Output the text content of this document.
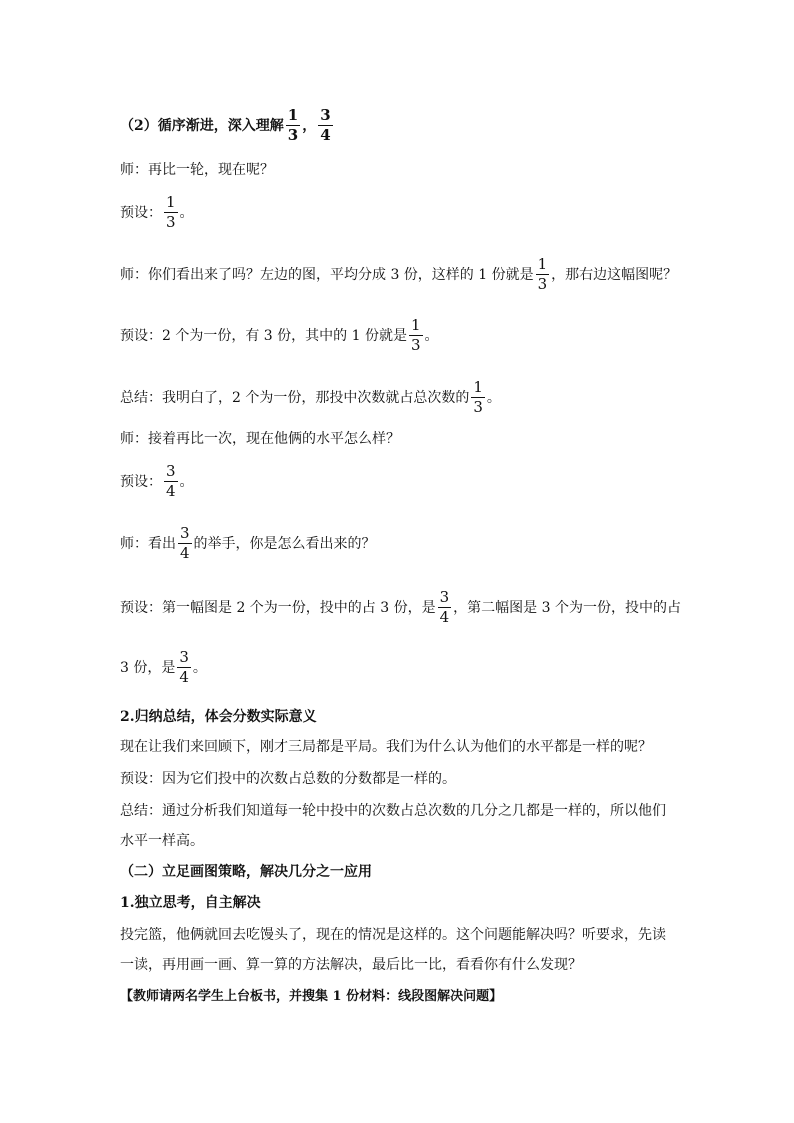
（2）循序渐进，深入理解 $\frac{1}{3}$ ， $\frac{3}{4}$
师：再比一轮，现在呢？
预设： $\frac{1}{3}$ 。
师：你们看出来了吗？左边的图，平均分成 3 份，这样的 1 份就是 $\frac{1}{3}$ ，那右边这幅图呢？
预设：2 个为一份，有 3 份，其中的 1 份就是 $\frac{1}{3}$ 。
总结：我明白了，2 个为一份，那投中次数就占总次数的 $\frac{1}{3}$ 。
师：接着再比一次，现在他俩的水平怎么样？
预设： $\frac{3}{4}$ 。
师：看出 $\frac{3}{4}$ 的举手，你是怎么看出来的？
预设：第一幅图是 2 个为一份，投中的占 3 份，是 $\frac{3}{4}$ ，第二幅图是 3 个为一份，投中的占
3 份，是 $\frac{3}{4}$ 。
2.归纳总结，体会分数实际意义
现在让我们来回顾下，刚才三局都是平局。我们为什么认为他们的水平都是一样的呢？
预设：因为它们投中的次数占总数的分数都是一样的。
总结：通过分析我们知道每一轮中投中的次数占总次数的几分之几都是一样的，所以他们
水平一样高。
（二）立足画图策略，解决几分之一应用
1.独立思考，自主解决
投完篮，他俩就回去吃馒头了，现在的情况是这样的。这个问题能解决吗？听要求，先读
一读，再用画一画、算一算的方法解决，最后比一比，看看你有什么发现？
【教师请两名学生上台板书，并搜集 1 份材料：线段图解决问题】
